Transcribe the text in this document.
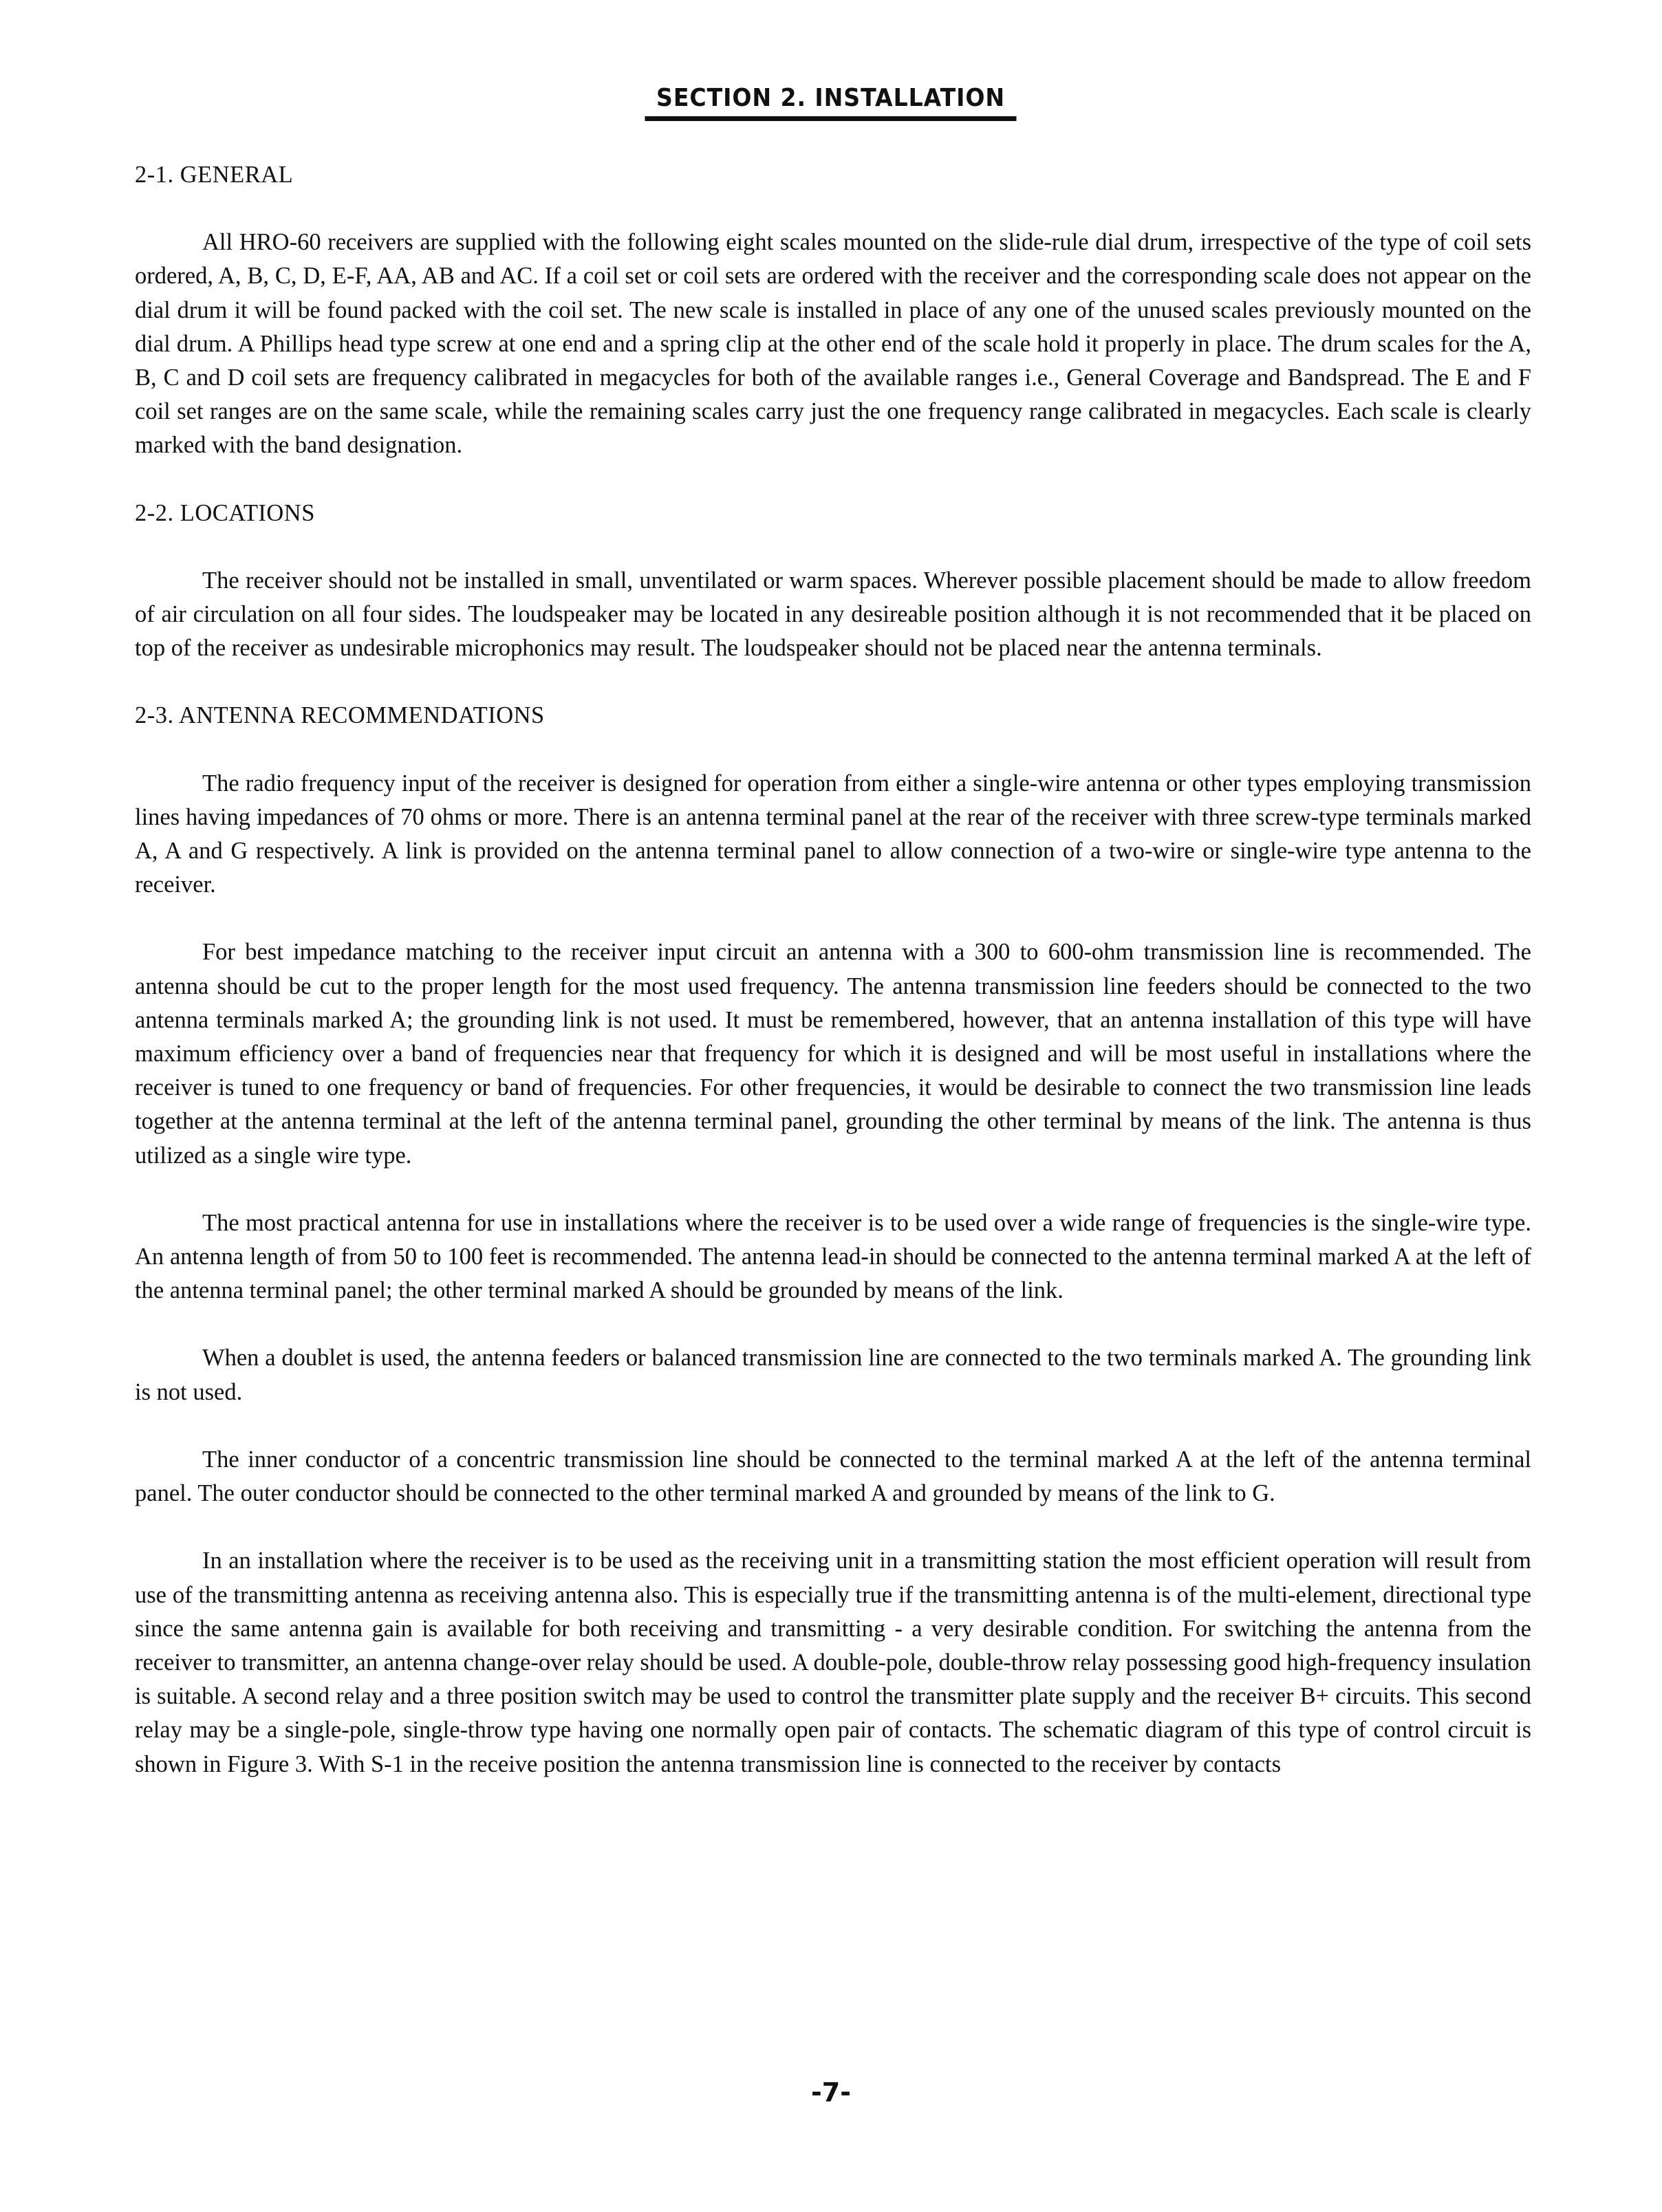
SECTION 2. INSTALLATION
2-1. GENERAL

All HRO-60 receivers are supplied with the following eight scales mounted on the slide-rule dial drum, irrespective of the type of coil sets ordered, A, B, C, D, E-F, AA, AB and AC. If a coil set or coil sets are ordered with the receiver and the corresponding scale does not appear on the dial drum it will be found packed with the coil set. The new scale is installed in place of any one of the unused scales previously mounted on the dial drum. A Phillips head type screw at one end and a spring clip at the other end of the scale hold it properly in place. The drum scales for the A, B, C and D coil sets are frequency calibrated in megacycles for both of the available ranges i.e., General Coverage and Bandspread. The E and F coil set ranges are on the same scale, while the remaining scales carry just the one frequency range calibrated in megacycles. Each scale is clearly marked with the band designation.

2-2. LOCATIONS

The receiver should not be installed in small, unventilated or warm spaces. Wherever possible placement should be made to allow freedom of air circulation on all four sides. The loudspeaker may be located in any desireable position although it is not recommended that it be placed on top of the receiver as undesirable microphonics may result. The loudspeaker should not be placed near the antenna terminals.

2-3. ANTENNA RECOMMENDATIONS

The radio frequency input of the receiver is designed for operation from either a single-wire antenna or other types employing transmission lines having impedances of 70 ohms or more. There is an antenna terminal panel at the rear of the receiver with three screw-type terminals marked A, A and G respectively. A link is provided on the antenna terminal panel to allow connection of a two-wire or single-wire type antenna to the receiver.

For best impedance matching to the receiver input circuit an antenna with a 300 to 600-ohm transmission line is recommended. The antenna should be cut to the proper length for the most used frequency. The antenna transmission line feeders should be connected to the two antenna terminals marked A; the grounding link is not used. It must be remembered, however, that an antenna installation of this type will have maximum efficiency over a band of frequencies near that frequency for which it is designed and will be most useful in installations where the receiver is tuned to one frequency or band of frequencies. For other frequencies, it would be desirable to connect the two transmission line leads together at the antenna terminal at the left of the antenna terminal panel, grounding the other terminal by means of the link. The antenna is thus utilized as a single wire type.

The most practical antenna for use in installations where the receiver is to be used over a wide range of frequencies is the single-wire type. An antenna length of from 50 to 100 feet is recommended. The antenna lead-in should be connected to the antenna terminal marked A at the left of the antenna terminal panel; the other terminal marked A should be grounded by means of the link.

When a doublet is used, the antenna feeders or balanced transmission line are connected to the two terminals marked A. The grounding link is not used.

The inner conductor of a concentric transmission line should be connected to the terminal marked A at the left of the antenna terminal panel. The outer conductor should be connected to the other terminal marked A and grounded by means of the link to G.

In an installation where the receiver is to be used as the receiving unit in a transmitting station the most efficient operation will result from use of the transmitting antenna as receiving antenna also. This is especially true if the transmitting antenna is of the multi-element, directional type since the same antenna gain is available for both receiving and transmitting - a very desirable condition. For switching the antenna from the receiver to transmitter, an antenna change-over relay should be used. A double-pole, double-throw relay possessing good high-frequency insulation is suitable. A second relay and a three position switch may be used to control the transmitter plate supply and the receiver B+ circuits. This second relay may be a single-pole, single-throw type having one normally open pair of contacts. The schematic diagram of this type of control circuit is shown in Figure 3. With S-1 in the receive position the antenna transmission line is connected to the receiver by contacts

-7-
